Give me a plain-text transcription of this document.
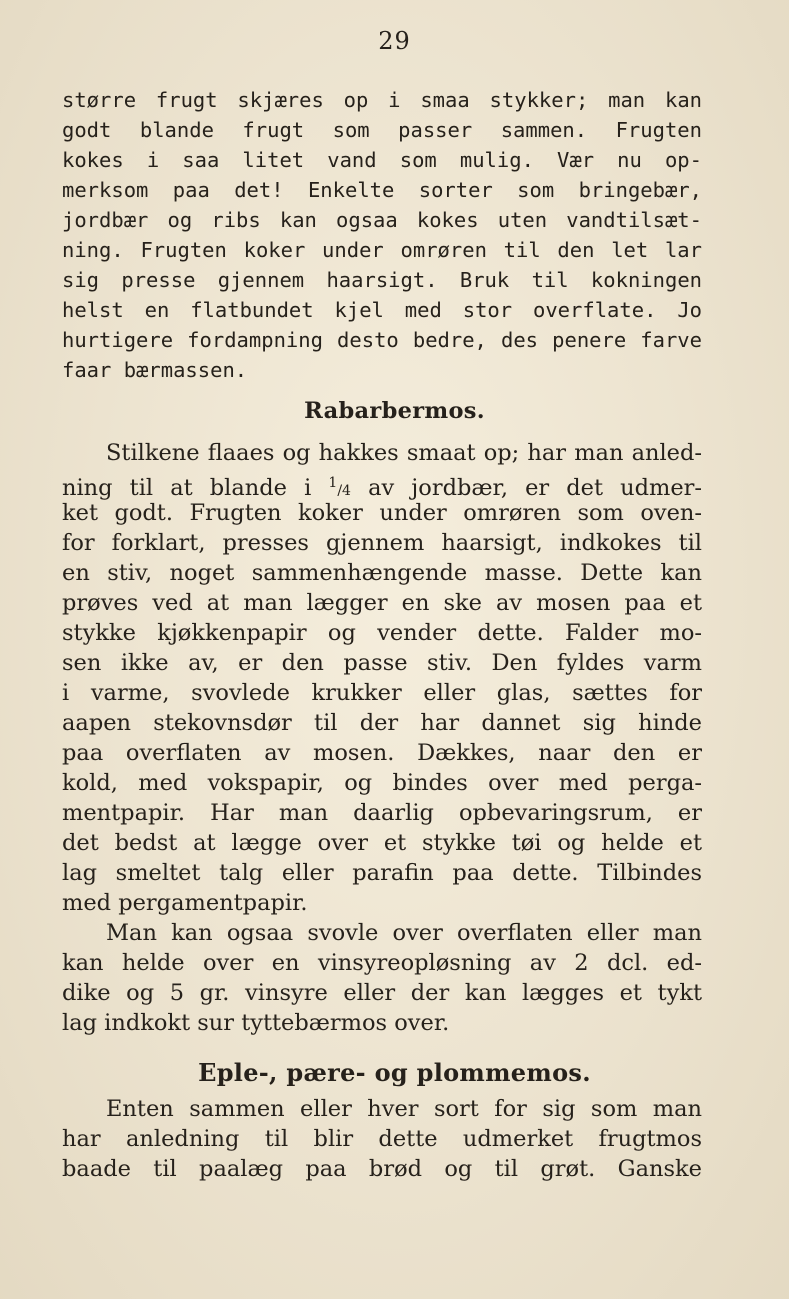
29
større frugt skjæres op i smaa stykker; man kan
godt blande frugt som passer sammen. Frugten
kokes i saa litet vand som mulig. Vær nu op-
merksom paa det! Enkelte sorter som bringebær,
jordbær og ribs kan ogsaa kokes uten vandtilsæt-
ning. Frugten koker under omrøren til den let lar
sig presse gjennem haarsigt. Bruk til kokningen
helst en flatbundet kjel med stor overflate. Jo
hurtigere fordampning desto bedre, des penere farve
faar bærmassen.
Rabarbermos.
Stilkene flaaes og hakkes smaat op; har man anled-
ning til at blande i $^1$/4 av jordbær, er det udmer-
ket godt. Frugten koker under omrøren som oven-
for forklart, presses gjennem haarsigt, indkokes til
en stiv, noget sammenhængende masse. Dette kan
prøves ved at man lægger en ske av mosen paa et
stykke kjøkkenpapir og vender dette. Falder mo-
sen ikke av, er den passe stiv. Den fyldes varm
i varme, svovlede krukker eller glas, sættes for
aapen stekovnsdør til der har dannet sig hinde
paa overflaten av mosen. Dækkes, naar den er
kold, med vokspapir, og bindes over med perga-
mentpapir. Har man daarlig opbevaringsrum, er
det bedst at lægge over et stykke tøi og helde et
lag smeltet talg eller parafin paa dette. Tilbindes
med pergamentpapir.
Man kan ogsaa svovle over overflaten eller man
kan helde over en vinsyreopløsning av 2 dcl. ed-
dike og 5 gr. vinsyre eller der kan lægges et tykt
lag indkokt sur tyttebærmos over.
Eple-, pære- og plommemos.
Enten sammen eller hver sort for sig som man
har anledning til blir dette udmerket frugtmos
baade til paalæg paa brød og til grøt. Ganske
